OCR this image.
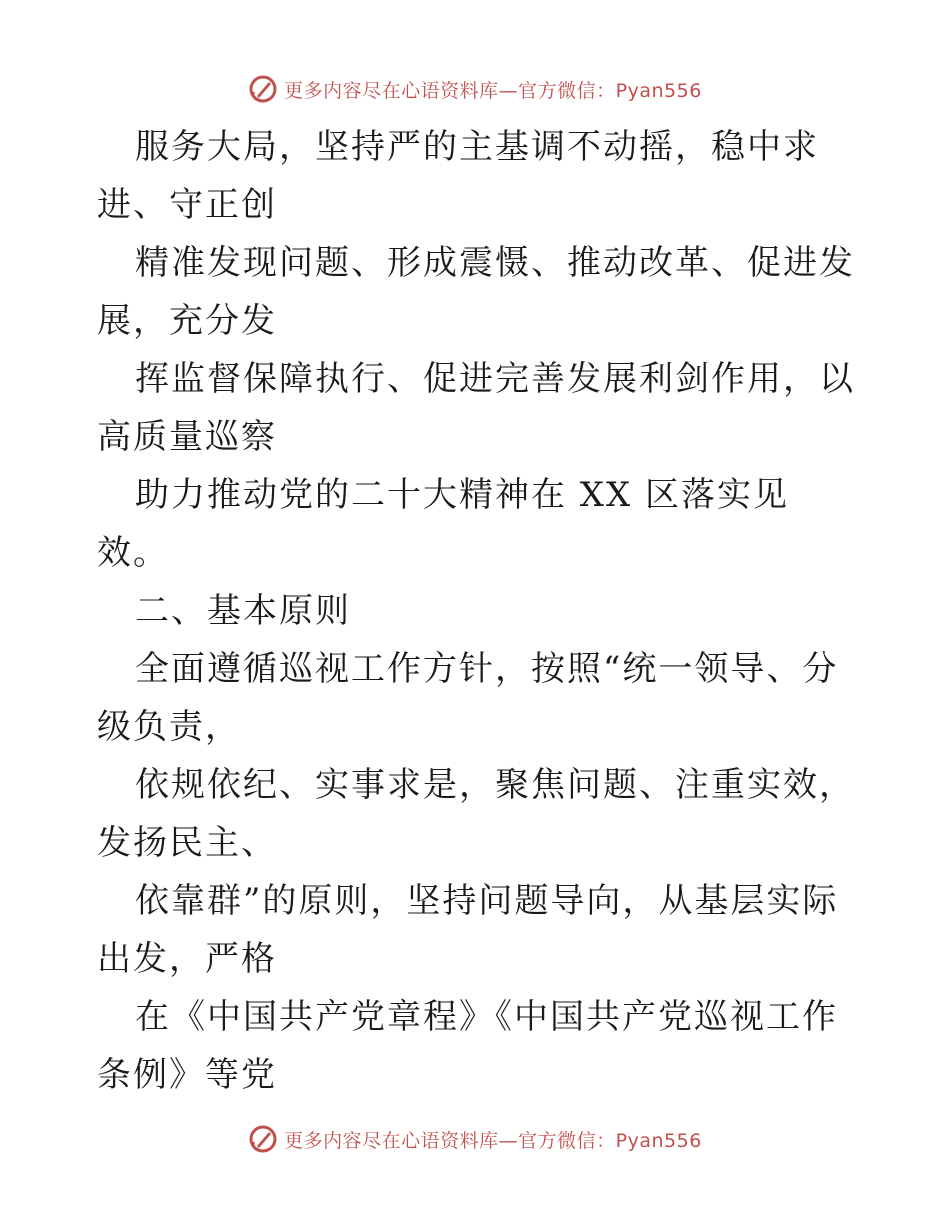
更多内容尽在心语资料库—官方微信：Pyan556

服务大局，坚持严的主基调不动摇，稳中求进、守正创

精准发现问题、形成震慑、推动改革、促进发展，充分发

挥监督保障执行、促进完善发展利剑作用，以高质量巡察

助力推动党的二十大精神在 XX 区落实见效。

二、基本原则

全面遵循巡视工作方针，按照“统一领导、分级负责，

依规依纪、实事求是，聚焦问题、注重实效，发扬民主、

依靠群”的原则，坚持问题导向，从基层实际出发，严格

在《中国共产党章程》《中国共产党巡视工作条例》等党

更多内容尽在心语资料库—官方微信：Pyan556
